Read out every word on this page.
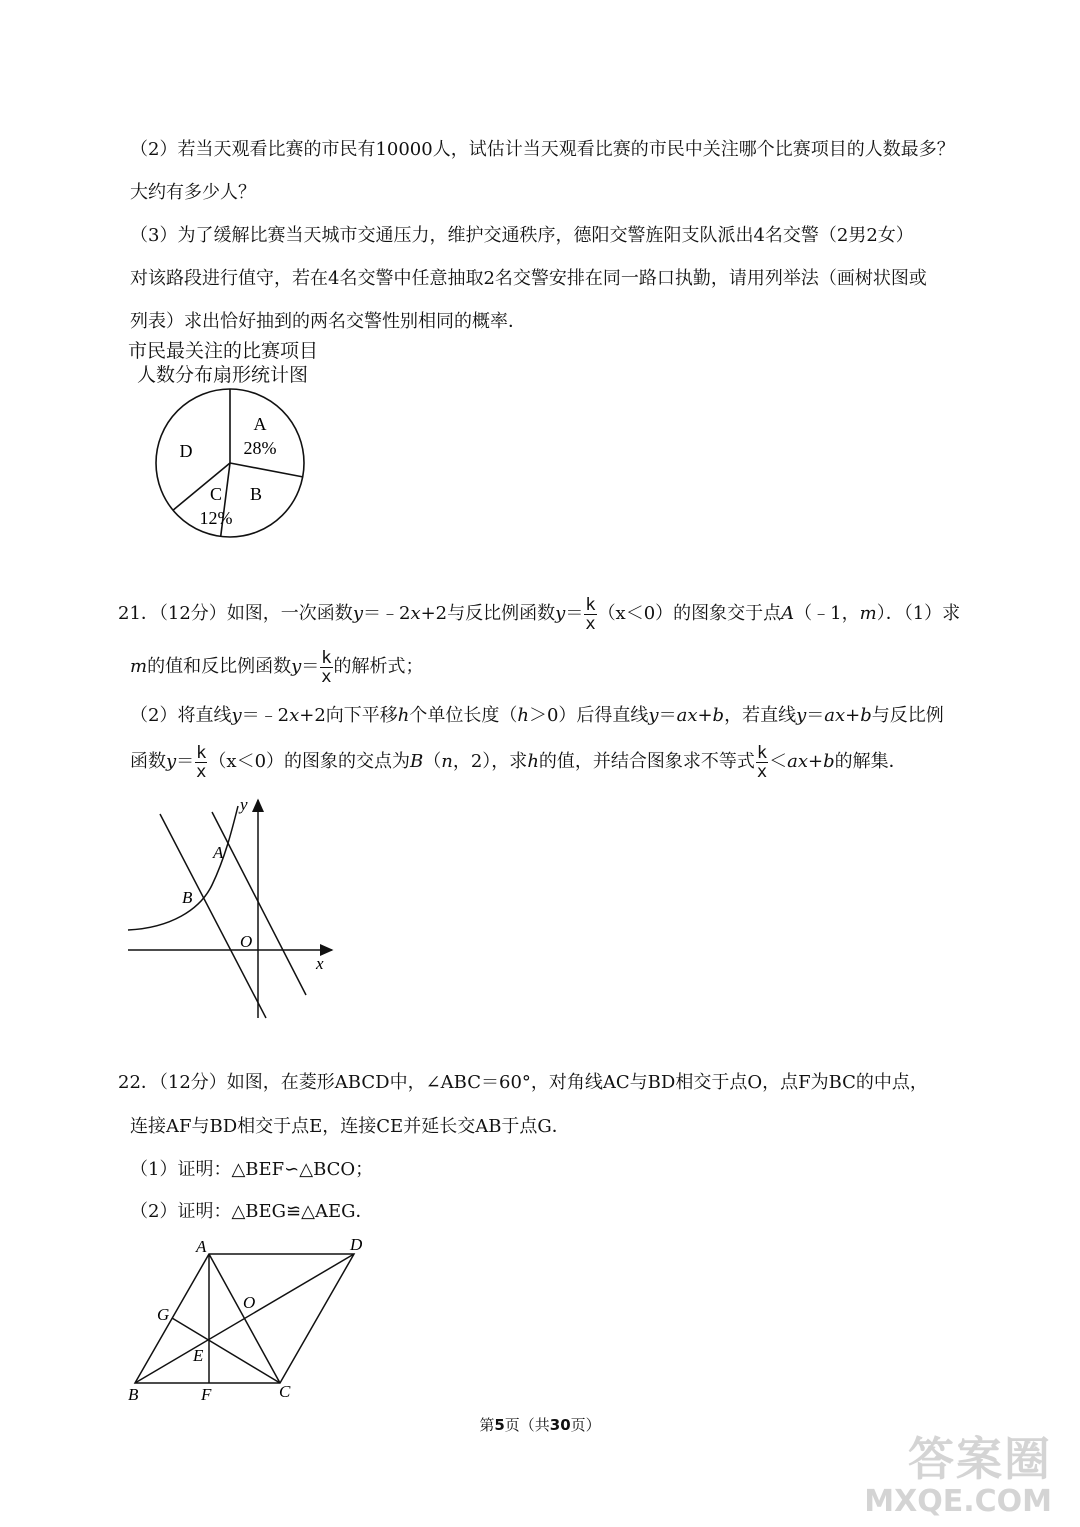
（2）若当天观看比赛的市民有10000人，试估计当天观看比赛的市民中关注哪个比赛项目的人数最多？
大约有多少人？
（3）为了缓解比赛当天城市交通压力，维护交通秩序，德阳交警旌阳支队派出4名交警（2男2女）
对该路段进行值守，若在4名交警中任意抽取2名交警安排在同一路口执勤，请用列举法（画树状图或
列表）求出恰好抽到的两名交警性别相同的概率．
市民最关注的比赛项目
人数分布扇形统计图
A
28%
B
C
12%
D
21．（12分）如图，一次函数y＝﹣2x+2与反比例函数$y= \frac{k}{x} (x<0)$的图象交于点A（﹣1，m）．（1）求
m的值和反比例函数$y= \frac{k}{x}$ 的解析式；
（2）将直线y＝﹣2x+2向下平移h个单位长度（h＞0）后得直线y＝ax+b，若直线y＝ax+b与反比例
函数$y= \frac{k}{x} (x<0)$的图象的交点为B（n，2），求h的值，并结合图象求不等式 $\frac{k}{x} <ax+b$的解集．
y
A
B
O
x
22．（12分）如图，在菱形ABCD中，∠ABC＝60°，对角线AC与BD相交于点O，点F为BC的中点，
连接AF与BD相交于点E，连接CE并延长交AB于点G．
（1）证明：△BEF∽△BCO；
（2）证明：△BEG≌△AEG．
A	D
G
O
E
B	F	C
第5页（共30页）
答案圈
MXQE.COM
